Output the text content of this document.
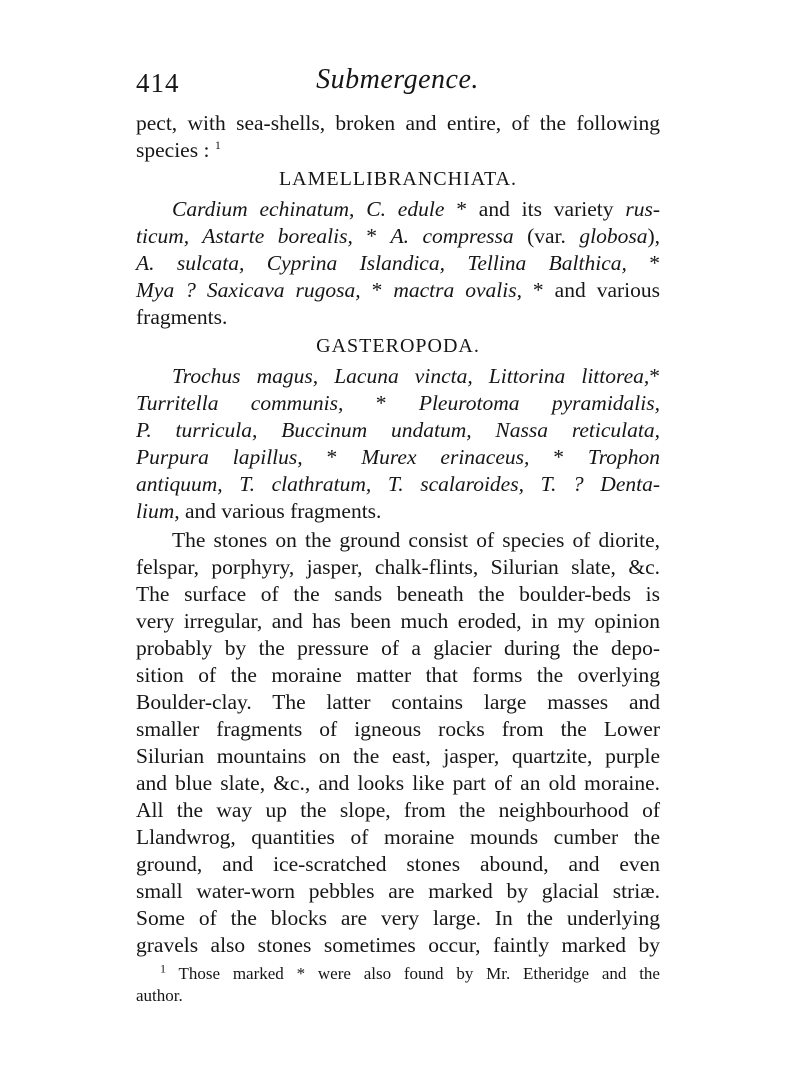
414	Submergence.
pect, with sea-shells, broken and entire, of the following
species : $^1$
LAMELLIBRANCHIATA.
Cardium echinatum, C. edule * and its variety rus-
ticum, Astarte borealis, * A. compressa (var. globosa),
A. sulcata, Cyprina Islandica, Tellina Balthica, *
Mya ? Saxicava rugosa, * mactra ovalis, * and various
fragments.
GASTEROPODA.
Trochus magus, Lacuna vincta, Littorina littorea,*
Turritella communis, * Pleurotoma pyramidalis,
P. turricula, Buccinum undatum, Nassa reticulata,
Purpura lapillus, * Murex erinaceus, * Trophon
antiquum, T. clathratum, T. scalaroides, T. ? Denta-
lium, and various fragments.
The stones on the ground consist of species of diorite,
felspar, porphyry, jasper, chalk-flints, Silurian slate, &c.
The surface of the sands beneath the boulder-beds is
very irregular, and has been much eroded, in my opinion
probably by the pressure of a glacier during the depo-
sition of the moraine matter that forms the overlying
Boulder-clay. The latter contains large masses and
smaller fragments of igneous rocks from the Lower
Silurian mountains on the east, jasper, quartzite, purple
and blue slate, &c., and looks like part of an old moraine.
All the way up the slope, from the neighbourhood of
Llandwrog, quantities of moraine mounds cumber the
ground, and ice-scratched stones abound, and even
small water-worn pebbles are marked by glacial striæ.
Some of the blocks are very large. In the underlying
gravels also stones sometimes occur, faintly marked by
$^1$ Those marked * were also found by Mr. Etheridge and the
author.
